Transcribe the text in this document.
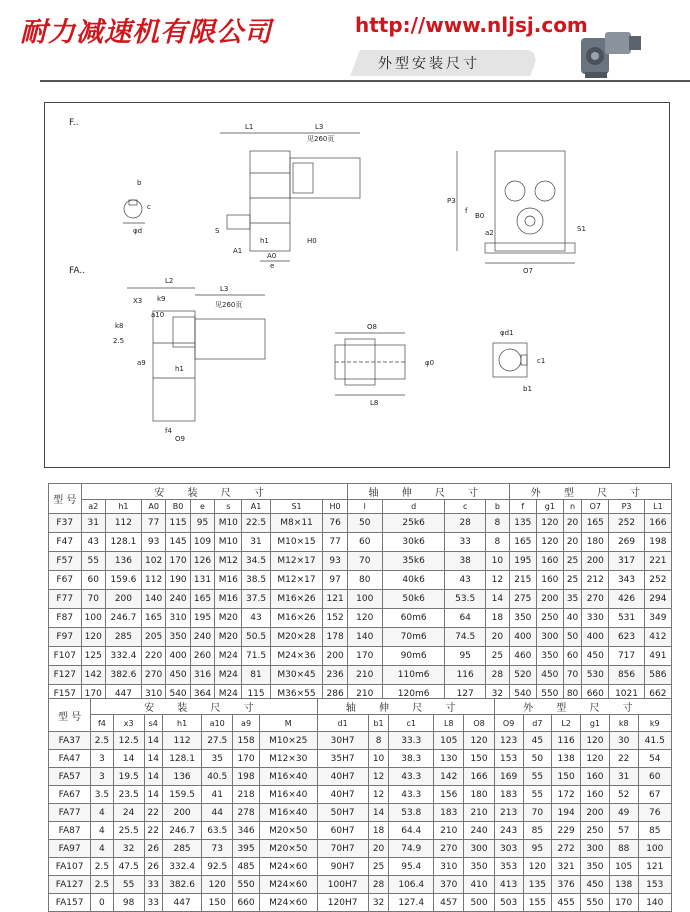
耐力减速机有限公司	http://www.nljsj.com
外型安装尺寸
F..
FA..
L1	L3
见260页
h1
S
A1
A0
e
H0
b
c
φd
P3
f
B0
a2	S1
O7
L2
L3
见260页
X3 k9
a10
k8
2.5
a9
h1
f4
O9
O8
L8
φ0
φd1
c1
b1
型 号	安 装 尺 寸									轴 伸 尺 寸				外 型 尺 寸					
	a2	h1	A0	B0	e	s	A1	S1	H0	l	d	c	b	f	g1	n	O7	P3	L1
F37	31	112	77	115	95	M10	22.5	M8×11	76	50	25k6	28	8	135	120	20	165	252	166
F47	43	128.1	93	145	109	M10	31	M10×15	77	60	30k6	33	8	165	120	20	180	269	198
F57	55	136	102	170	126	M12	34.5	M12×17	93	70	35k6	38	10	195	160	25	200	317	221
F67	60	159.6	112	190	131	M16	38.5	M12×17	97	80	40k6	43	12	215	160	25	212	343	252
F77	70	200	140	240	165	M16	37.5	M16×26	121	100	50k6	53.5	14	275	200	35	270	426	294
F87	100	246.7	165	310	195	M20	43	M16×26	152	120	60m6	64	18	350	250	40	330	531	349
F97	120	285	205	350	240	M20	50.5	M20×28	178	140	70m6	74.5	20	400	300	50	400	623	412
F107	125	332.4	220	400	260	M24	71.5	M24×36	200	170	90m6	95	25	460	350	60	450	717	491
F127	142	382.6	270	450	316	M24	81	M30×45	236	210	110m6	116	28	520	450	70	530	856	586
F157	170	447	310	540	364	M24	115	M36×55	286	210	120m6	127	32	540	550	80	660	1021	662
型 号	安 装 尺 寸							轴 伸 尺 寸					外 型 尺 寸					
	f4	x3	s4	h1	a10	a9	M	d1	b1	c1	L8	O8	O9	d7	L2	g1	k8	k9
FA37	2.5	12.5	14	112	27.5	158	M10×25	30H7	8	33.3	105	120	123	45	116	120	30	41.5
FA47	3	14	14	128.1	35	170	M12×30	35H7	10	38.3	130	150	153	50	138	120	22	54
FA57	3	19.5	14	136	40.5	198	M16×40	40H7	12	43.3	142	166	169	55	150	160	31	60
FA67	3.5	23.5	14	159.5	41	218	M16×40	40H7	12	43.3	156	180	183	55	172	160	52	67
FA77	4	24	22	200	44	278	M16×40	50H7	14	53.8	183	210	213	70	194	200	49	76
FA87	4	25.5	22	246.7	63.5	346	M20×50	60H7	18	64.4	210	240	243	85	229	250	57	85
FA97	4	32	26	285	73	395	M20×50	70H7	20	74.9	270	300	303	95	272	300	88	100
FA107	2.5	47.5	26	332.4	92.5	485	M24×60	90H7	25	95.4	310	350	353	120	321	350	105	121
FA127	2.5	55	33	382.6	120	550	M24×60	100H7	28	106.4	370	410	413	135	376	450	138	153
FA157	0	98	33	447	150	660	M24×60	120H7	32	127.4	457	500	503	155	455	550	170	140
